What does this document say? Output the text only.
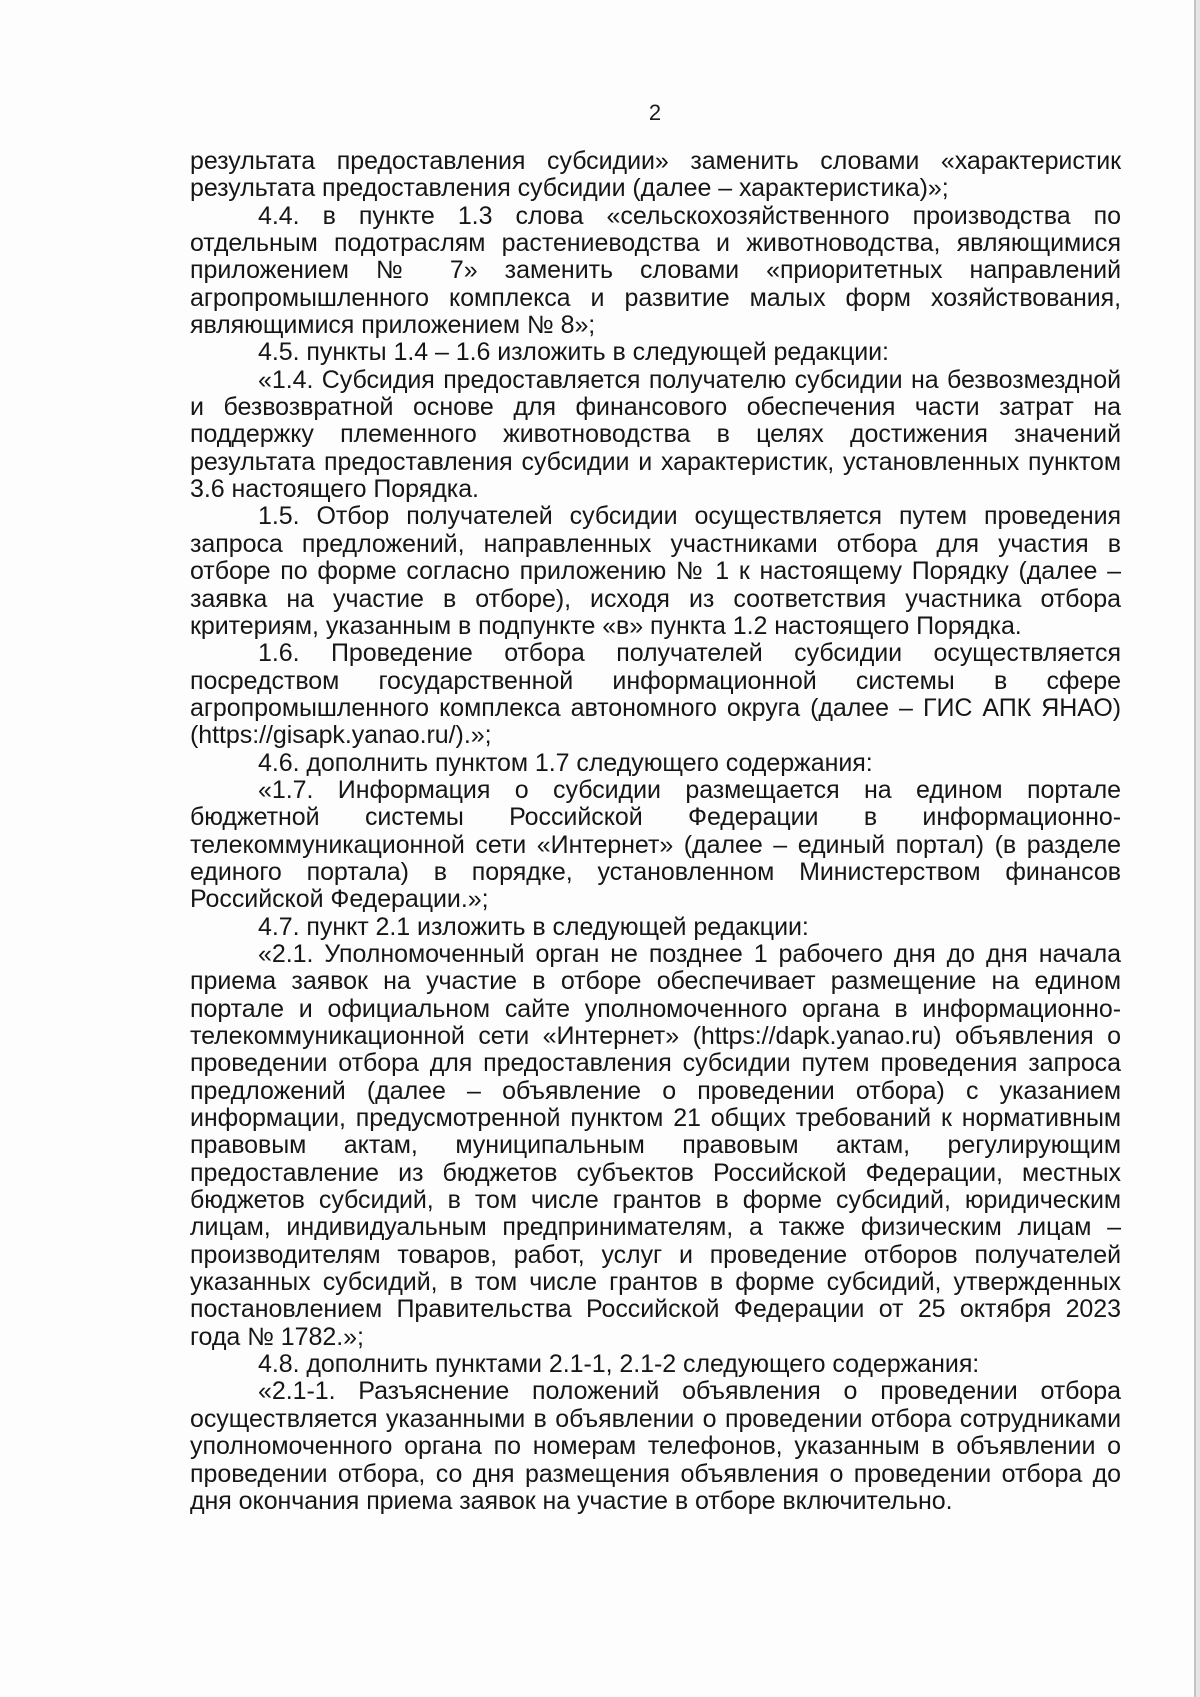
2

результата предоставления субсидии» заменить словами «характеристик результата предоставления субсидии (далее – характеристика)»;

4.4. в пункте 1.3 слова «сельскохозяйственного производства по отдельным подотраслям растениеводства и животноводства, являющимися приложением № 7» заменить словами «приоритетных направлений агропромышленного комплекса и развитие малых форм хозяйствования, являющимися приложением № 8»;

4.5. пункты 1.4 – 1.6 изложить в следующей редакции:

«1.4. Субсидия предоставляется получателю субсидии на безвозмездной и безвозвратной основе для финансового обеспечения части затрат на поддержку племенного животноводства в целях достижения значений результата предоставления субсидии и характеристик, установленных пунктом 3.6 настоящего Порядка.

1.5. Отбор получателей субсидии осуществляется путем проведения запроса предложений, направленных участниками отбора для участия в отборе по форме согласно приложению № 1 к настоящему Порядку (далее – заявка на участие в отборе), исходя из соответствия участника отбора критериям, указанным в подпункте «в» пункта 1.2 настоящего Порядка.

1.6. Проведение отбора получателей субсидии осуществляется посредством государственной информационной системы в сфере агропромышленного комплекса автономного округа (далее – ГИС АПК ЯНАО) (https://gisapk.yanao.ru/).»;

4.6. дополнить пунктом 1.7 следующего содержания:

«1.7. Информация о субсидии размещается на едином портале бюджетной системы Российской Федерации в информационно-телекоммуникационной сети «Интернет» (далее – единый портал) (в разделе единого портала) в порядке, установленном Министерством финансов Российской Федерации.»;

4.7. пункт 2.1 изложить в следующей редакции:

«2.1. Уполномоченный орган не позднее 1 рабочего дня до дня начала приема заявок на участие в отборе обеспечивает размещение на едином портале и официальном сайте уполномоченного органа в информационно-телекоммуникационной сети «Интернет» (https://dapk.yanao.ru) объявления о проведении отбора для предоставления субсидии путем проведения запроса предложений (далее – объявление о проведении отбора) с указанием информации, предусмотренной пунктом 21 общих требований к нормативным правовым актам, муниципальным правовым актам, регулирующим предоставление из бюджетов субъектов Российской Федерации, местных бюджетов субсидий, в том числе грантов в форме субсидий, юридическим лицам, индивидуальным предпринимателям, а также физическим лицам – производителям товаров, работ, услуг и проведение отборов получателей указанных субсидий, в том числе грантов в форме субсидий, утвержденных постановлением Правительства Российской Федерации от 25 октября 2023 года № 1782.»;

4.8. дополнить пунктами 2.1-1, 2.1-2 следующего содержания:

«2.1-1. Разъяснение положений объявления о проведении отбора осуществляется указанными в объявлении о проведении отбора сотрудниками уполномоченного органа по номерам телефонов, указанным в объявлении о проведении отбора, со дня размещения объявления о проведении отбора до дня окончания приема заявок на участие в отборе включительно.
